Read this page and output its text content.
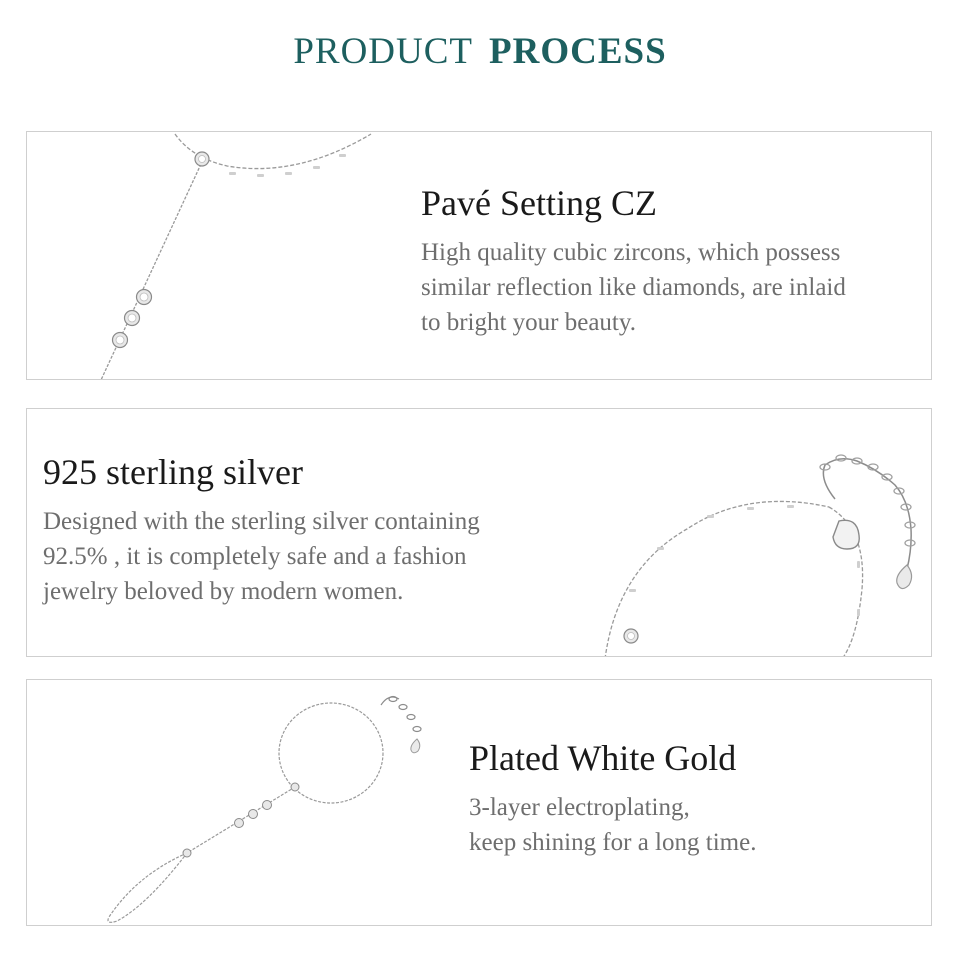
PRODUCT PROCESS
Pavé Setting CZ
High quality cubic zircons, which possess
similar reflection like diamonds, are inlaid
to bright your beauty.
925 sterling silver
Designed with the sterling silver containing
92.5% , it is completely safe and a fashion
jewelry beloved by modern women.
Plated White Gold
3-layer electroplating,
keep shining for a long time.
